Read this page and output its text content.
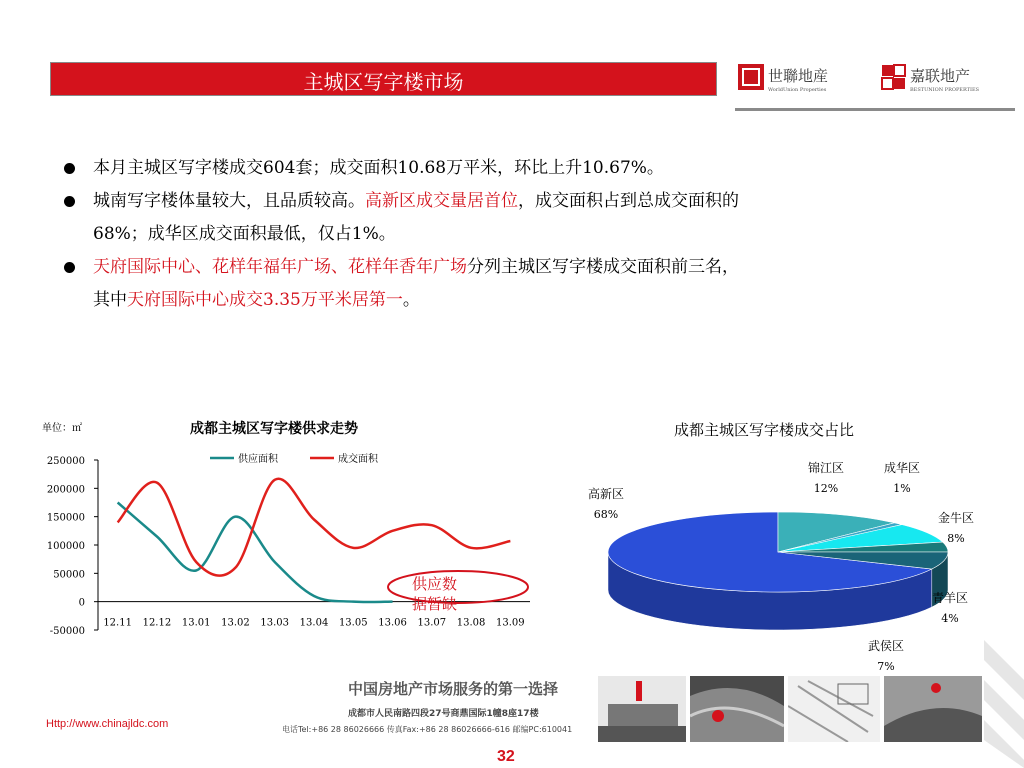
主城区写字楼市场	世聯地産
WorldUnion Properties
嘉联地产
BESTUNION PROPERTIES
本月主城区写字楼成交604套；成交面积10.68万平米，环比上升10.67%。
城南写字楼体量较大，且品质较高。高新区成交量居首位，成交面积占到总成交面积的
68%；成华区成交面积最低，仅占1%。
天府国际中心、花样年福年广场、花样年香年广场分列主城区写字楼成交面积前三名，
其中天府国际中心成交3.35万平米居第一。
单位：㎡	成都主城区写字楼供求走势
供应面积	成交面积
250000
200000
150000
100000
50000
0
-50000
12.11 12.12 13.01 13.02 13.03 13.04 13.05 13.06 13.07 13.08 13.09
供应数
据暂缺
成都主城区写字楼成交占比
高新区
68%
锦江区
12%
成华区
1%
金牛区
8%
青羊区
4%
武侯区
7%
中国房地产市场服务的第一选择
成都市人民南路四段27号商鼎国际1幢8座17楼
电话Tel:+86 28 86026666 传真Fax:+86 28 86026666-616 邮编PC:610041
Http://www.chinajldc.com
32
